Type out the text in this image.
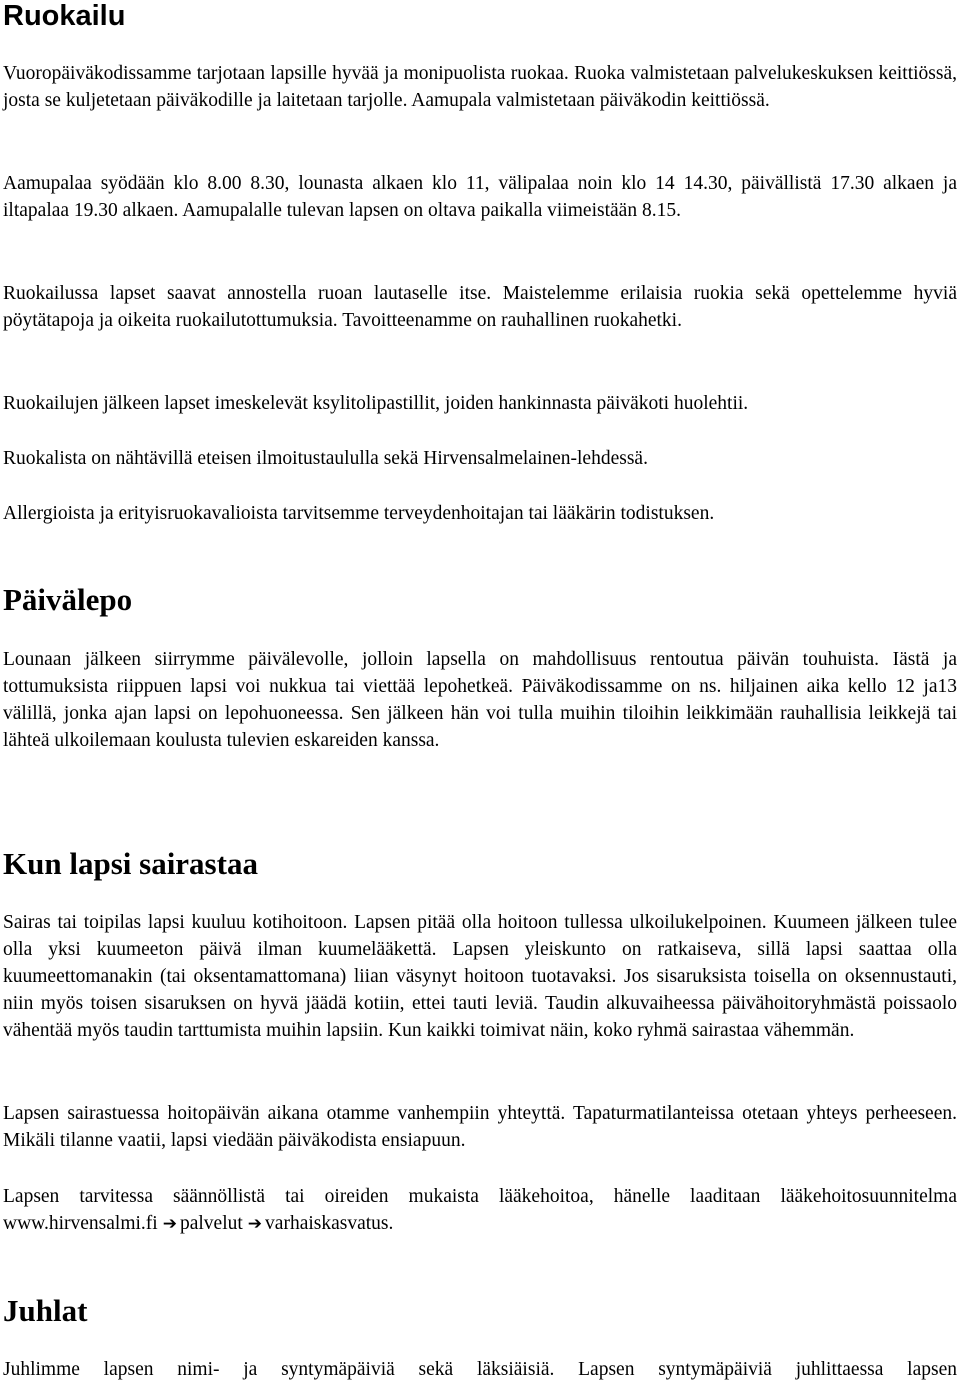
Ruokailu

Vuoropäiväkodissamme tarjotaan lapsille hyvää ja monipuolista ruokaa. Ruoka valmistetaan palvelukeskuksen keittiössä, josta se kuljetetaan päiväkodille ja laitetaan tarjolle. Aamupala valmistetaan päiväkodin keittiössä.

Aamupalaa syödään klo 8.00 8.30, lounasta alkaen klo 11, välipalaa noin klo 14 14.30, päivällistä 17.30 alkaen ja iltapalaa 19.30 alkaen. Aamupalalle tulevan lapsen on oltava paikalla viimeistään 8.15.

Ruokailussa lapset saavat annostella ruoan lautaselle itse. Maistelemme erilaisia ruokia sekä opettelemme hyviä pöytätapoja ja oikeita ruokailutottumuksia. Tavoitteenamme on rauhallinen ruokahetki.

Ruokailujen jälkeen lapset imeskelevät ksylitolipastillit, joiden hankinnasta päiväkoti huolehtii.

Ruokalista on nähtävillä eteisen ilmoitustaululla sekä Hirvensalmelainen-lehdessä.

Allergioista ja erityisruokavalioista tarvitsemme terveydenhoitajan tai lääkärin todistuksen.

Päivälepo

Lounaan jälkeen siirrymme päivälevolle, jolloin lapsella on mahdollisuus rentoutua päivän touhuista. Iästä ja tottumuksista riippuen lapsi voi nukkua tai viettää lepohetkeä. Päiväkodissamme on ns. hiljainen aika kello 12 ja13 välillä, jonka ajan lapsi on lepohuoneessa. Sen jälkeen hän voi tulla muihin tiloihin leikkimään rauhallisia leikkejä tai lähteä ulkoilemaan koulusta tulevien eskareiden kanssa.

Kun lapsi sairastaa

Sairas tai toipilas lapsi kuuluu kotihoitoon. Lapsen pitää olla hoitoon tullessa ulkoilukelpoinen. Kuumeen jälkeen tulee olla yksi kuumeeton päivä ilman kuumelääkettä. Lapsen yleiskunto on ratkaiseva, sillä lapsi saattaa olla kuumeettomanakin (tai oksentamattomana) liian väsynyt hoitoon tuotavaksi. Jos sisaruksista toisella on oksennustauti, niin myös toisen sisaruksen on hyvä jäädä kotiin, ettei tauti leviä. Taudin alkuvaiheessa päivähoitoryhmästä poissaolo vähentää myös taudin tarttumista muihin lapsiin. Kun kaikki toimivat näin, koko ryhmä sairastaa vähemmän.

Lapsen sairastuessa hoitopäivän aikana otamme vanhempiin yhteyttä. Tapaturmatilanteissa otetaan yhteys perheeseen. Mikäli tilanne vaatii, lapsi viedään päiväkodista ensiapuun.

Lapsen tarvitessa säännöllistä tai oireiden mukaista lääkehoitoa, hänelle laaditaan lääkehoitosuunnitelma www.hirvensalmi.fi ➔ palvelut ➔ varhaiskasvatus.

Juhlat

Juhlimme lapsen nimi- ja syntymäpäiviä sekä läksiäisiä. Lapsen syntymäpäiviä juhlittaessa lapsen
